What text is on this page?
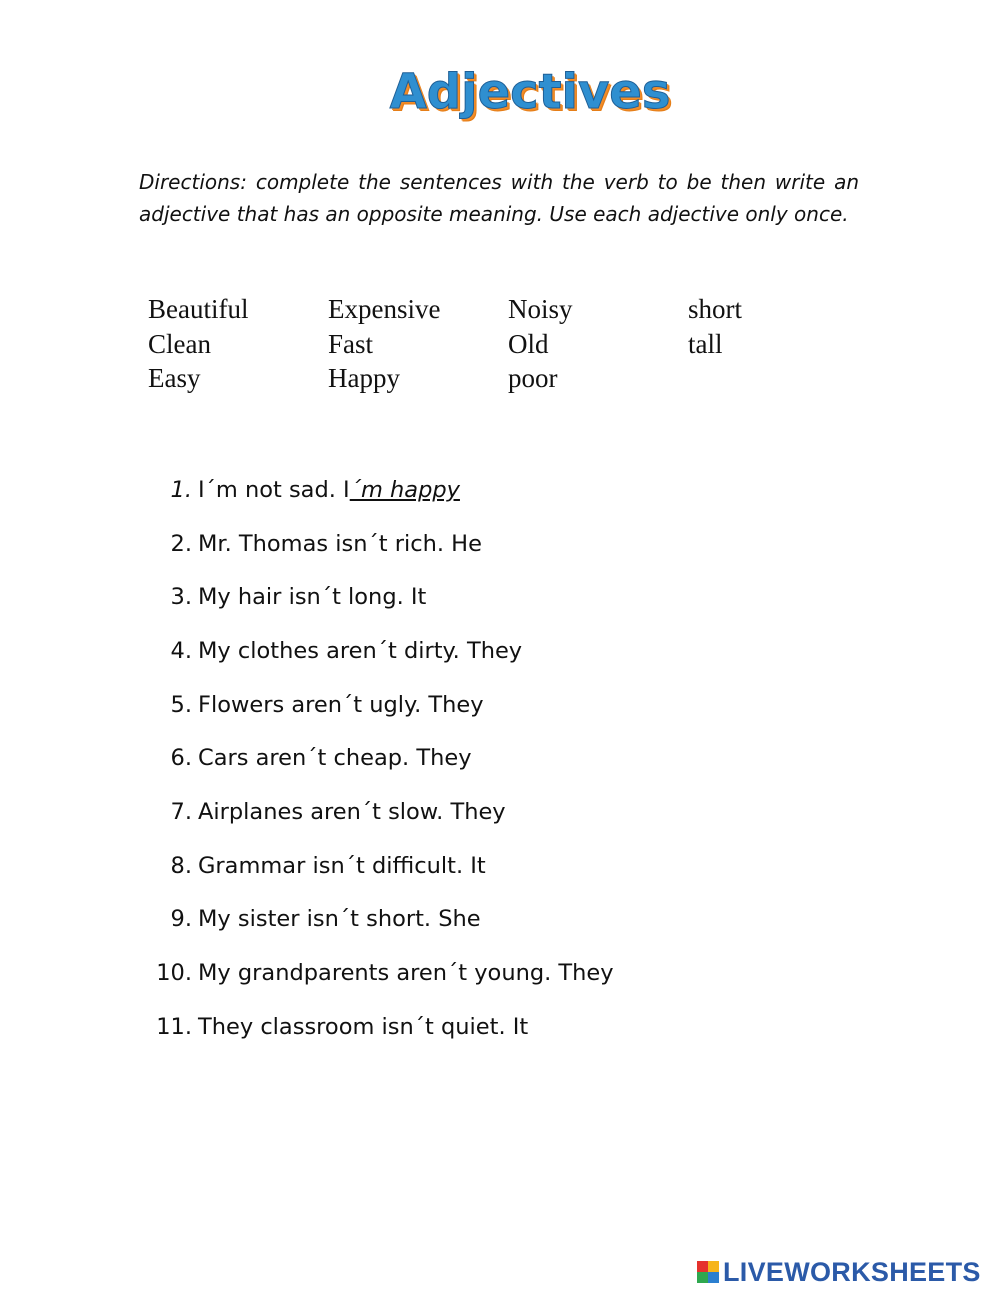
Adjectives
Directions: complete the sentences with the verb to be then write an adjective that has an opposite meaning. Use each adjective only once.
Beautiful	Expensive	Noisy	short
Clean	Fast	Old	tall
Easy	Happy	poor
1. I´m not sad. I ´m happy
2. Mr. Thomas isn´t rich. He
3. My hair isn´t long. It
4. My clothes aren´t dirty. They
5. Flowers aren´t ugly. They
6. Cars aren´t cheap. They
7. Airplanes aren´t slow. They
8. Grammar isn´t difficult. It
9. My sister isn´t short. She
10. My grandparents aren´t young. They
11. They classroom isn´t quiet. It
LIVEWORKSHEETS
